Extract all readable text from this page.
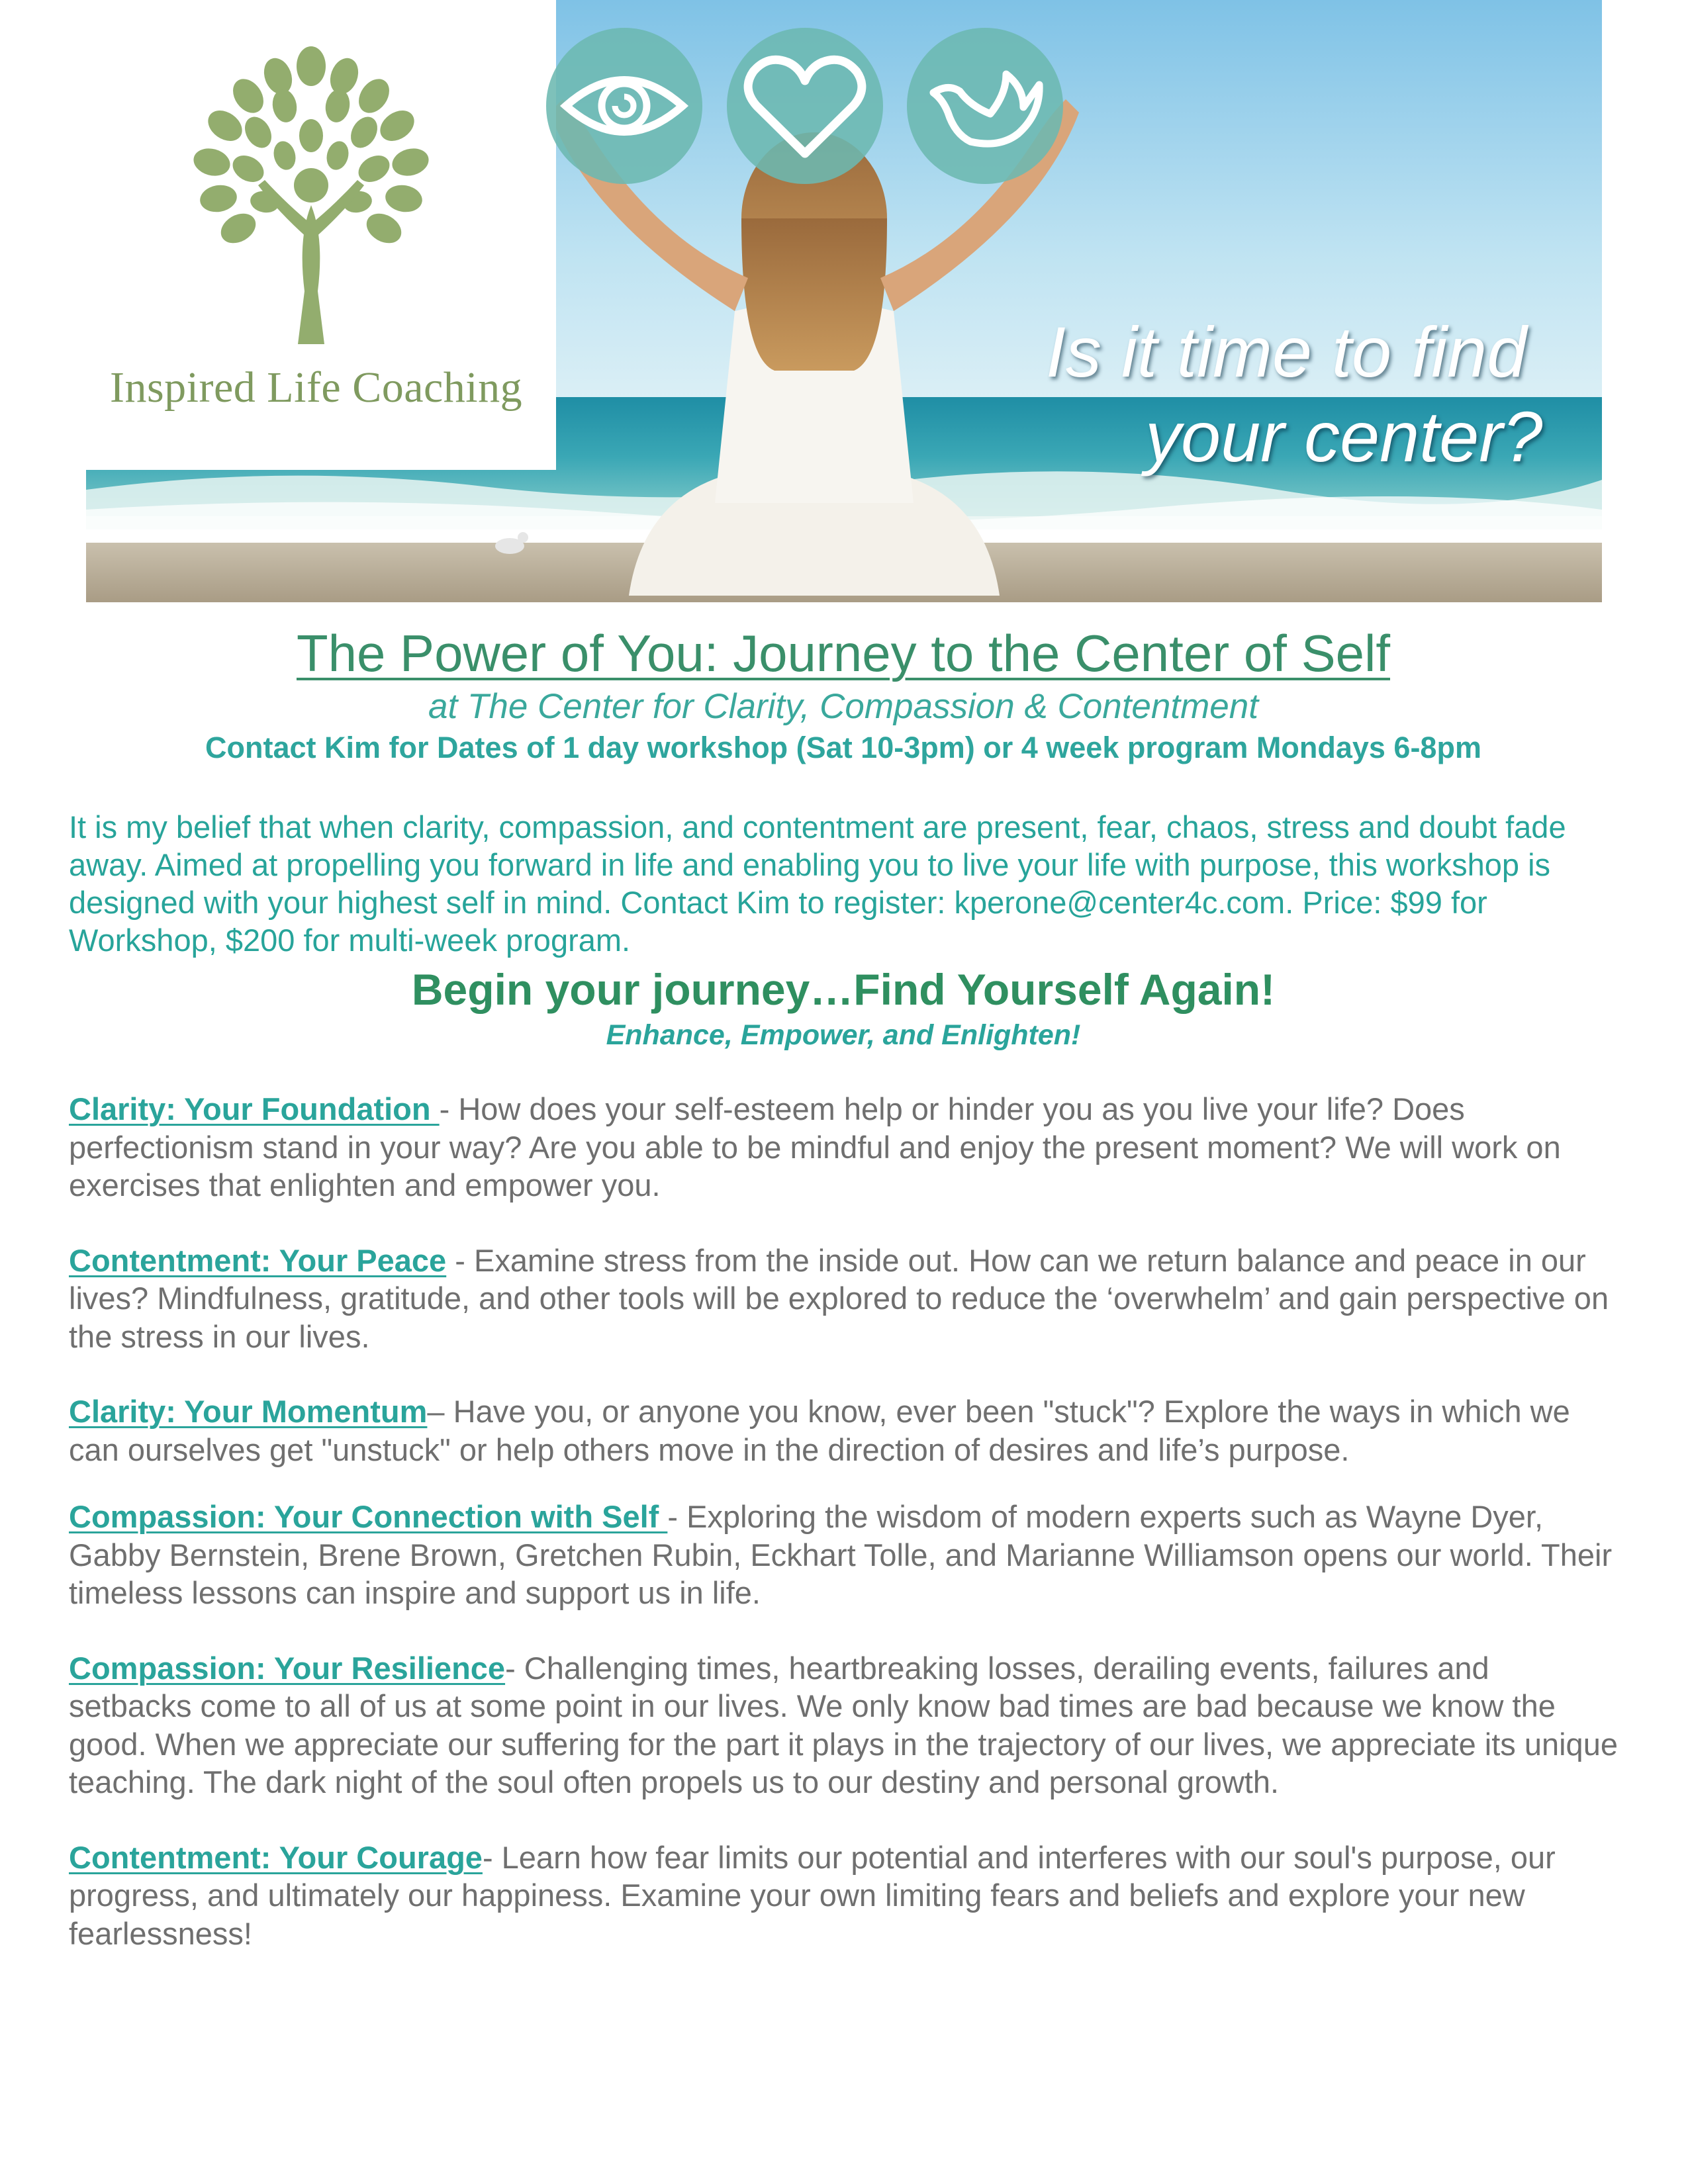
Inspired Life Coaching	Is it time to find
your center?
The Power of You: Journey to the Center of Self

at The Center for Clarity, Compassion & Contentment

Contact Kim for Dates of 1 day workshop (Sat 10-3pm) or 4 week program Mondays 6-8pm

It is my belief that when clarity, compassion, and contentment are present, fear, chaos, stress and doubt fade away. Aimed at propelling you forward in life and enabling you to live your life with purpose, this workshop is designed with your highest self in mind. Contact Kim to register: kperone@center4c.com. Price: $99 for Workshop, $200 for multi-week program.

Begin your journey…Find Yourself Again!

Enhance, Empower, and Enlighten!

Clarity: Your Foundation - How does your self-esteem help or hinder you as you live your life? Does perfectionism stand in your way? Are you able to be mindful and enjoy the present moment? We will work on exercises that enlighten and empower you.

Contentment: Your Peace - Examine stress from the inside out. How can we return balance and peace in our lives? Mindfulness, gratitude, and other tools will be explored to reduce the ‘overwhelm’ and gain perspective on the stress in our lives.

Clarity: Your Momentum– Have you, or anyone you know, ever been "stuck"? Explore the ways in which we can ourselves get "unstuck" or help others move in the direction of desires and life’s purpose.

Compassion: Your Connection with Self - Exploring the wisdom of modern experts such as Wayne Dyer, Gabby Bernstein, Brene Brown, Gretchen Rubin, Eckhart Tolle, and Marianne Williamson opens our world. Their timeless lessons can inspire and support us in life.

Compassion: Your Resilience- Challenging times, heartbreaking losses, derailing events, failures and setbacks come to all of us at some point in our lives. We only know bad times are bad because we know the good. When we appreciate our suffering for the part it plays in the trajectory of our lives, we appreciate its unique teaching. The dark night of the soul often propels us to our destiny and personal growth.

Contentment: Your Courage- Learn how fear limits our potential and interferes with our soul's purpose, our progress, and ultimately our happiness. Examine your own limiting fears and beliefs and explore your new fearlessness!
